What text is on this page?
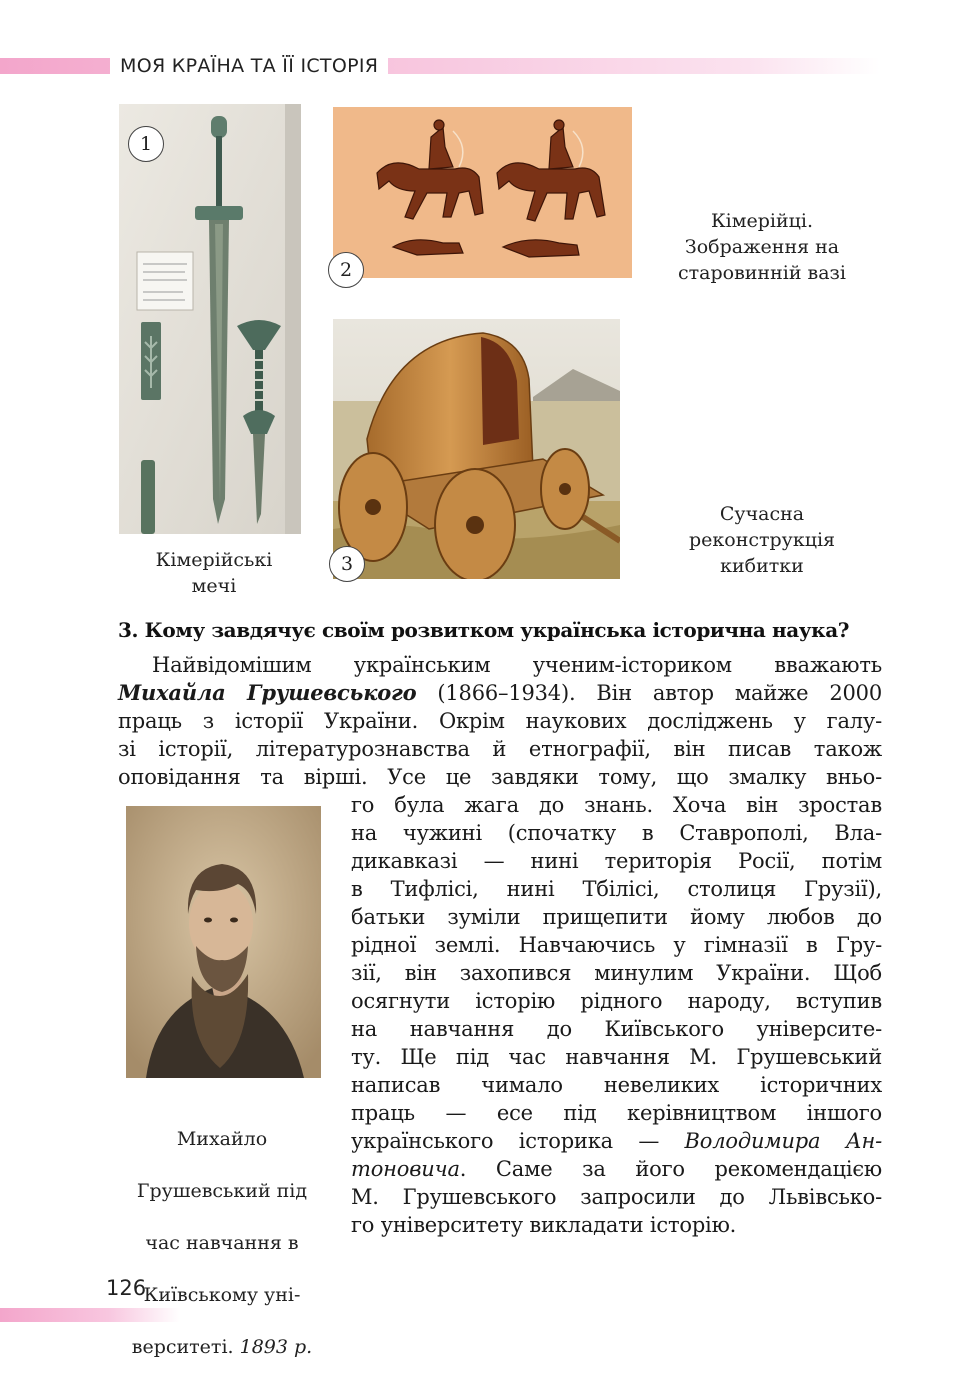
МОЯ КРАЇНА ТА ЇЇ ІСТОРІЯ
1
Кімерійські
мечі
2
Кімерійці.
Зображення на
старовинній вазі
3
Сучасна
реконструкція
кибитки
3. Кому завдячує своїм розвитком українська історична наука?
Найвідомішим українським ученим-істориком вважають
Михайла Грушевського (1866–1934). Він автор майже 2000
праць з історії України. Окрім наукових досліджень у галу-
зі історії, літературознавства й етнографії, він писав також
оповідання та вірші. Усе це завдяки тому, що змалку вньо-

Михайло

Грушевський під

час навчання в

Київському уні-

верситеті. 1893 р.

го була жага до знань. Хоча він зростав
на чужині (спочатку в Ставрополі, Вла-
дикавказі — нині територія Росії, потім
в Тифлісі, нині Тбілісі, столиця Грузії),
батьки зуміли прищепити йому любов до
рідної землі. Навчаючись у гімназії в Гру-
зії, він захопився минулим України. Щоб
осягнути історію рідного народу, вступив
на навчання до Київського університе-
ту. Ще під час навчання М. Грушевський
написав чимало невеликих історичних
праць — есе під керівництвом іншого
українського історика — Володимира Ан-
тоновича. Саме за його рекомендацією
М. Грушевського запросили до Львівсько-
го університету викладати історію.
126
